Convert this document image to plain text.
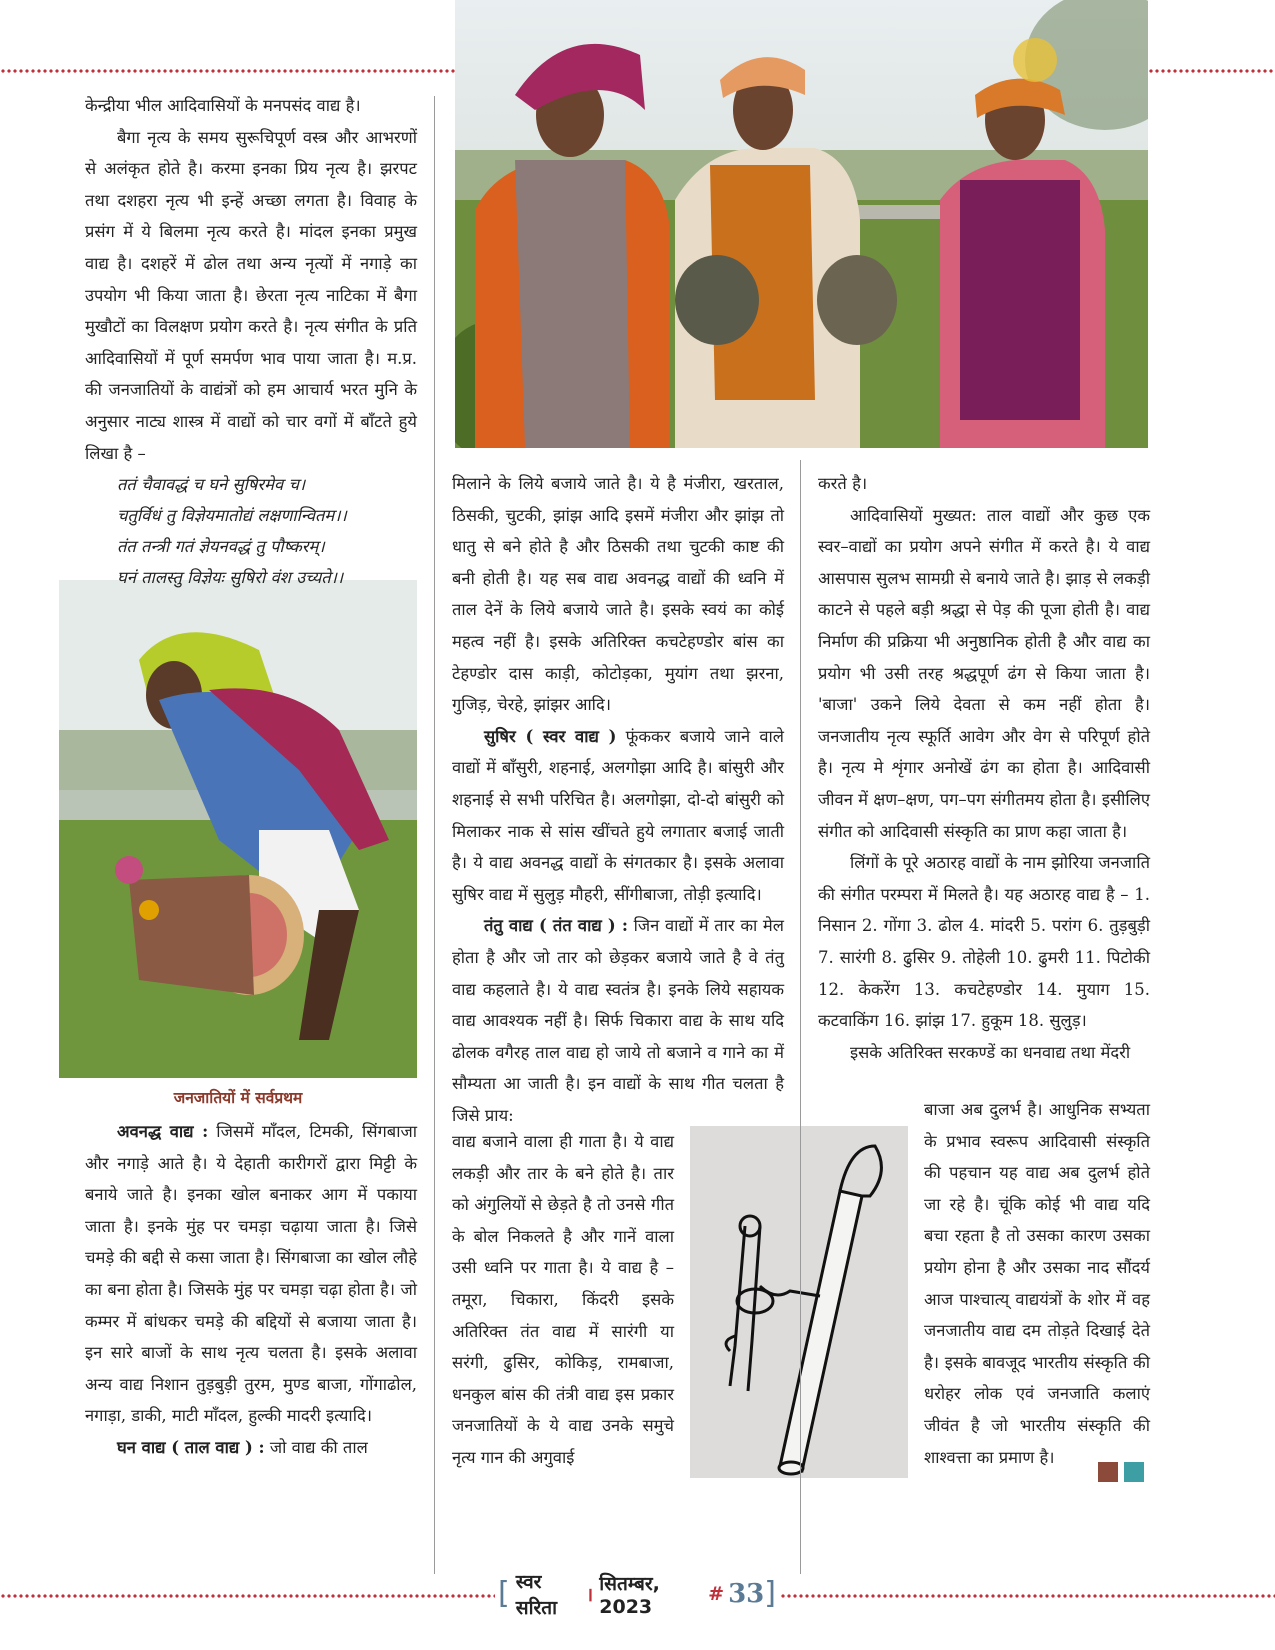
जनजातियों में सर्वप्रथम

केन्द्रीया भील आदिवासियों के मनपसंद वाद्य है।

बैगा नृत्य के समय सुरूचिपूर्ण वस्त्र और आभरणों से अलंकृत होते है। करमा इनका प्रिय नृत्य है। झरपट तथा दशहरा नृत्य भी इन्हें अच्छा लगता है। विवाह के प्रसंग में ये बिलमा नृत्य करते है। मांदल इनका प्रमुख वाद्य है। दशहरें में ढोल तथा अन्य नृत्यों में नगाड़े का उपयोग भी किया जाता है। छेरता नृत्य नाटिका में बैगा मुखौटों का विलक्षण प्रयोग करते है। नृत्य संगीत के प्रति आदिवासियों में पूर्ण समर्पण भाव पाया जाता है। म.प्र. की जनजातियों के वाद्यंत्रों को हम आचार्य भरत मुनि के अनुसार नाट्य शास्त्र में वाद्यों को चार वगों में बाँटते हुये लिखा है –

ततं चैवावद्धं च घने सुषिरमेव च।
चतुर्विधं तु विज्ञेयमातोद्यं लक्षणान्वितम।।
तंत तन्त्री गतं ज्ञेयनवद्धं तु पौष्करम्।
घनं तालस्तु विज्ञेयः सुषिरो वंश उच्यते।।

अवनद्ध वाद्य : जिसमें माँदल, टिमकी, सिंगबाजा और नगाड़े आते है। ये देहाती कारीगरों द्वारा मिट्टी के बनाये जाते है। इनका खोल बनाकर आग में पकाया जाता है। इनके मुंह पर चमड़ा चढ़ाया जाता है। जिसे चमड़े की बद्दी से कसा जाता है। सिंगबाजा का खोल लौहे का बना होता है। जिसके मुंह पर चमड़ा चढ़ा होता है। जो कम्मर में बांधकर चमड़े की बद्दियों से बजाया जाता है। इन सारे बाजों के साथ नृत्य चलता है। इसके अलावा अन्य वाद्य निशान तुड़बुड़ी तुरम, मुण्ड बाजा, गोंगाढोल, नगाड़ा, डाकी, माटी माँदल, हुल्की मादरी इत्यादि।

घन वाद्य ( ताल वाद्य ) : जो वाद्य की ताल

मिलाने के लिये बजाये जाते है। ये है मंजीरा, खरताल, ठिसकी, चुटकी, झांझ आदि इसमें मंजीरा और झांझ तो धातु से बने होते है और ठिसकी तथा चुटकी काष्ट की बनी होती है। यह सब वाद्य अवनद्ध वाद्यों की ध्वनि में ताल देनें के लिये बजाये जाते है। इसके स्वयं का कोई महत्व नहीं है। इसके अतिरिक्त कचटेहण्डोर बांस का टेहण्डोर दास काड़ी, कोटोड़का, मुयांग तथा झरना, गुजिड़, चेरहे, झांझर आदि।

सुषिर ( स्वर वाद्य ) फूंककर बजाये जाने वाले वाद्यों में बाँसुरी, शहनाई, अलगोझा आदि है। बांसुरी और शहनाई से सभी परिचित है। अलगोझा, दो-दो बांसुरी को मिलाकर नाक से सांस खींचते हुये लगातार बजाई जाती है। ये वाद्य अवनद्ध वाद्यों के संगतकार है। इसके अलावा सुषिर वाद्य में सुलुड़ मौहरी, सींगीबाजा, तोड़ी इत्यादि।

तंतु वाद्य ( तंत वाद्य ) : जिन वाद्यों में तार का मेल होता है और जो तार को छेड़कर बजाये जाते है वे तंतु वाद्य कहलाते है। ये वाद्य स्वतंत्र है। इनके लिये सहायक वाद्य आवश्यक नहीं है। सिर्फ चिकारा वाद्य के साथ यदि ढोलक वगैरह ताल वाद्य हो जाये तो बजाने व गाने का में सौम्यता आ जाती है। इन वाद्यों के साथ गीत चलता है जिसे प्राय:

वाद्य बजाने वाला ही गाता है। ये वाद्य लकड़ी और तार के बने होते है। तार को अंगुलियों से छेड़ते है तो उनसे गीत के बोल निकलते है और गानें वाला उसी ध्वनि पर गाता है। ये वाद्य है – तमूरा, चिकारा, किंदरी इसके अतिरिक्त तंत वाद्य में सारंगी या सरंगी, ढुसिर, कोकिड़, रामबाजा, धनकुल बांस की तंत्री वाद्य इस प्रकार जनजातियों के ये वाद्य उनके समुचे नृत्य गान की अगुवाई

करते है।

आदिवासियों मुख्यत: ताल वाद्यों और कुछ एक स्वर–वाद्यों का प्रयोग अपने संगीत में करते है। ये वाद्य आसपास सुलभ सामग्री से बनाये जाते है। झाड़ से लकड़ी काटने से पहले बड़ी श्रद्धा से पेड़ की पूजा होती है। वाद्य निर्माण की प्रक्रिया भी अनुष्ठानिक होती है और वाद्य का प्रयोग भी उसी तरह श्रद्धपूर्ण ढंग से किया जाता है। 'बाजा' उकने लिये देवता से कम नहीं होता है। जनजातीय नृत्य स्फूर्ति आवेग और वेग से परिपूर्ण होते है। नृत्य मे शृंगार अनोखें ढंग का होता है। आदिवासी जीवन में क्षण–क्षण, पग–पग संगीतमय होता है। इसीलिए संगीत को आदिवासी संस्कृति का प्राण कहा जाता है।

लिंगों के पूरे अठारह वाद्यों के नाम झोरिया जनजाति की संगीत परम्परा में मिलते है। यह अठारह वाद्य है – 1. निसान 2. गोंगा 3. ढोल 4. मांदरी 5. परांग 6. तुड़बुड़ी 7. सारंगी 8. ढुसिर 9. तोहेली 10. ढुमरी 11. पिटोकी 12. केकरेंग 13. कचटेहण्डोर 14. मुयाग 15. कटवाकिंग 16. झांझ 17. हुकूम 18. सुलुड़।

इसके अतिरिक्त सरकण्डें का धनवाद्य तथा मेंदरी

बाजा अब दुलर्भ है। आधुनिक सभ्यता के प्रभाव स्वरूप आदिवासी संस्कृति की पहचान यह वाद्य अब दुलर्भ होते जा रहे है। चूंकि कोई भी वाद्य यदि बचा रहता है तो उसका कारण उसका प्रयोग होना है और उसका नाद सौंदर्य आज पाश्चात्य् वाद्ययंत्रों के शोर में वह जनजातीय वाद्य दम तोड़ते दिखाई देते है। इसके बावजूद भारतीय संस्कृति की धरोहर लोक एवं जनजाति कलाएं जीवंत है जो भारतीय संस्कृति की शाश्वत्ता का प्रमाण है।

[ स्वर सरिता
। सितम्बर, 2023
# 33 ]
